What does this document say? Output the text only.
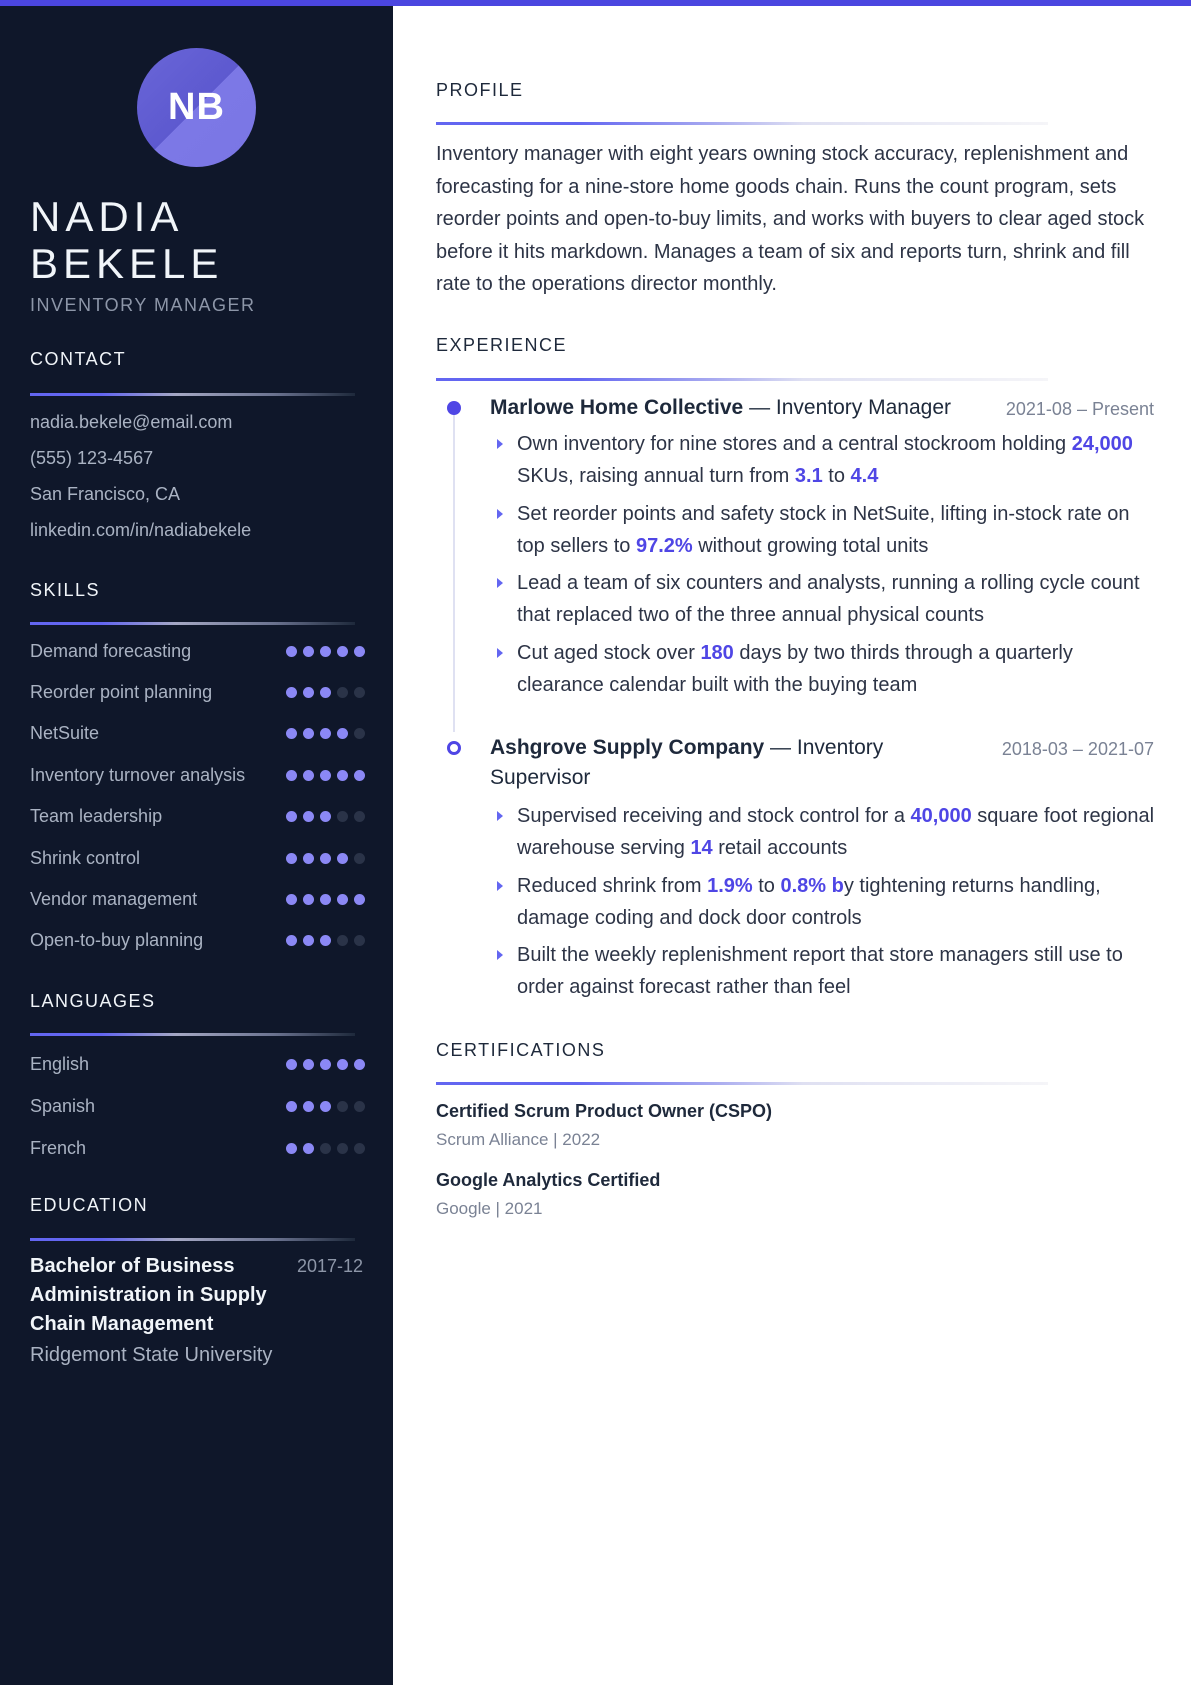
NB
NADIA
BEKELE
INVENTORY MANAGER
CONTACT
nadia.bekele@email.com
(555) 123-4567
San Francisco, CA
linkedin.com/in/nadiabekele
SKILLS
Demand forecasting
Reorder point planning
NetSuite
Inventory turnover analysis
Team leadership
Shrink control
Vendor management
Open-to-buy planning
LANGUAGES
English
Spanish
French
EDUCATION
Bachelor of Business Administration in Supply Chain Management
2017-12
Ridgemont State University
PROFILE
Inventory manager with eight years owning stock accuracy, replenishment and forecasting for a nine-store home goods chain. Runs the count program, sets reorder points and open-to-buy limits, and works with buyers to clear aged stock before it hits markdown. Manages a team of six and reports turn, shrink and fill rate to the operations director monthly.
EXPERIENCE
Marlowe Home Collective — Inventory Manager	2021-08 – Present
Own inventory for nine stores and a central stockroom holding 24,000 SKUs, raising annual turn from 3.1 to 4.4
Set reorder points and safety stock in NetSuite, lifting in-stock rate on top sellers to 97.2% without growing total units
Lead a team of six counters and analysts, running a rolling cycle count that replaced two of the three annual physical counts
Cut aged stock over 180 days by two thirds through a quarterly clearance calendar built with the buying team
Ashgrove Supply Company — Inventory Supervisor
2018-03 – 2021-07
Supervised receiving and stock control for a 40,000 square foot regional warehouse serving 14 retail accounts
Reduced shrink from 1.9% to 0.8% by tightening returns handling, damage coding and dock door controls
Built the weekly replenishment report that store managers still use to order against forecast rather than feel
CERTIFICATIONS
Certified Scrum Product Owner (CSPO)
Scrum Alliance | 2022
Google Analytics Certified
Google | 2021
